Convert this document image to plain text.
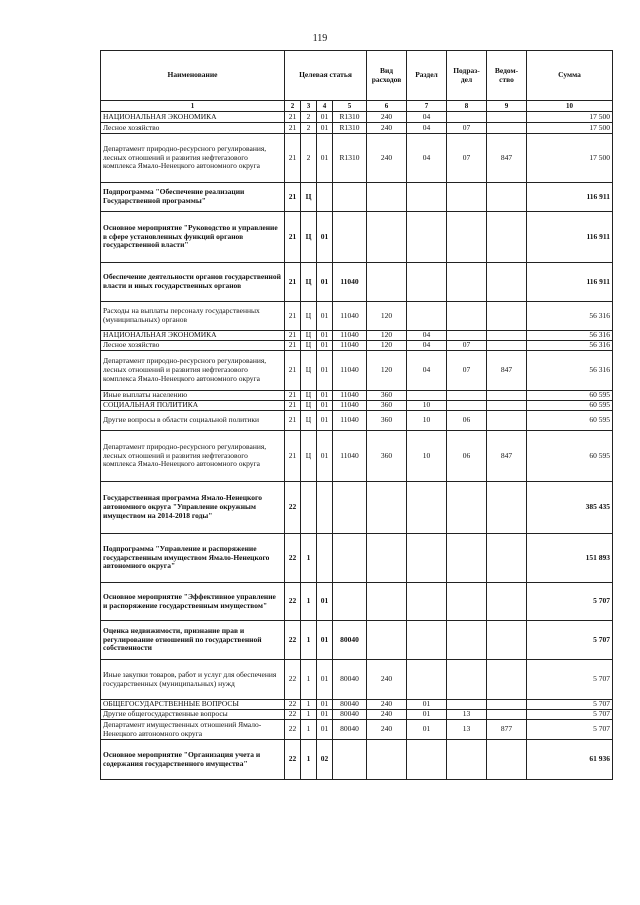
119
Наименование	Целевая статья				Вид расходов	Раздел	Подраз-дел	Ведом-ство	Сумма
1	2	3	4	5	6	7	8	9	10
НАЦИОНАЛЬНАЯ ЭКОНОМИКА	21	2	01	R1310	240	04			17 500
Лесное хозяйство	21	2	01	R1310	240	04	07		17 500
Департамент природно-ресурсного регулирования, лесных отношений и развития нефтегазового комплекса Ямало-Ненецкого автономного округа	21	2	01	R1310	240	04	07	847	17 500
Подпрограмма "Обеспечение реализации Государственной программы"	21	Ц							116 911
Основное мероприятие "Руководство и управление в сфере установленных функций органов государственной власти"	21	Ц	01						116 911
Обеспечение деятельности органов государственной власти и иных государственных органов	21	Ц	01	11040					116 911
Расходы на выплаты персоналу государственных (муниципальных) органов	21	Ц	01	11040	120				56 316
НАЦИОНАЛЬНАЯ ЭКОНОМИКА	21	Ц	01	11040	120	04			56 316
Лесное хозяйство	21	Ц	01	11040	120	04	07		56 316
Департамент природно-ресурсного регулирования, лесных отношений и развития нефтегазового комплекса Ямало-Ненецкого автономного округа	21	Ц	01	11040	120	04	07	847	56 316
Иные выплаты населению	21	Ц	01	11040	360				60 595
СОЦИАЛЬНАЯ ПОЛИТИКА	21	Ц	01	11040	360	10			60 595
Другие вопросы в области социальной политики	21	Ц	01	11040	360	10	06		60 595
Департамент природно-ресурсного регулирования, лесных отношений и развития нефтегазового комплекса Ямало-Ненецкого автономного округа	21	Ц	01	11040	360	10	06	847	60 595
Государственная программа Ямало-Ненецкого автономного округа "Управление окружным имуществом на 2014-2018 годы"	22								385 435
Подпрограмма "Управление и распоряжение государственным имуществом Ямало-Ненецкого автономного округа"	22	1							151 893
Основное мероприятие "Эффективное управление и распоряжение государственным имуществом"	22	1	01						5 707
Оценка недвижимости, признание прав и регулирование отношений по государственной собственности	22	1	01	80040					5 707
Иные закупки товаров, работ и услуг для обеспечения государственных (муниципальных) нужд	22	1	01	80040	240				5 707
ОБЩЕГОСУДАРСТВЕННЫЕ ВОПРОСЫ	22	1	01	80040	240	01			5 707
Другие общегосударственные вопросы	22	1	01	80040	240	01	13		5 707
Департамент имущественных отношений Ямало-Ненецкого автономного округа	22	1	01	80040	240	01	13	877	5 707
Основное мероприятие "Организация учета и содержания государственного имущества"	22	1	02						61 936
